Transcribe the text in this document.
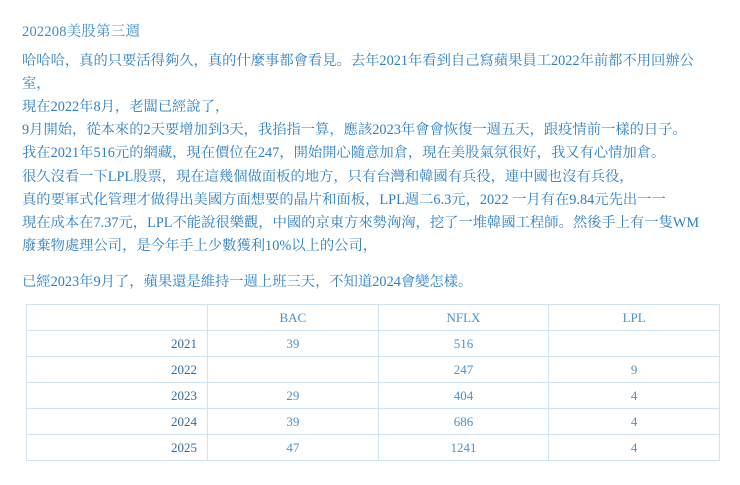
202208美股第三週

哈哈哈，真的只要活得夠久，真的什麼事都會看見。去年2021年看到自己寫蘋果員工2022年前都不用回辦公室，

現在2022年8月，老闆已經說了，

9月開始，從本來的2天要增加到3天，我掐指一算，應該2023年會會恢復一週五天，跟疫情前一樣的日子。

我在2021年516元的網藏，現在價位在247，開始開心隨意加倉，現在美股氣氛很好，我又有心情加倉。

很久沒看一下LPL股票，現在這幾個做面板的地方，只有台灣和韓國有兵役，連中國也沒有兵役，

真的要軍式化管理才做得出美國方面想要的晶片和面板，LPL週二6.3元，2022 一月有在9.84元先出一一

現在成本在7.37元，LPL不能說很樂觀，中國的京東方來勢洶洶，挖了一堆韓國工程師。然後手上有一隻WM

廢棄物處理公司，是今年手上少數獲利10%以上的公司，

已經2023年9月了，蘋果還是維持一週上班三天，不知道2024會變怎樣。
	BAC	NFLX	LPL
2021	39	516	
2022		247	9
2023	29	404	4
2024	39	686	4
2025	47	1241	4
